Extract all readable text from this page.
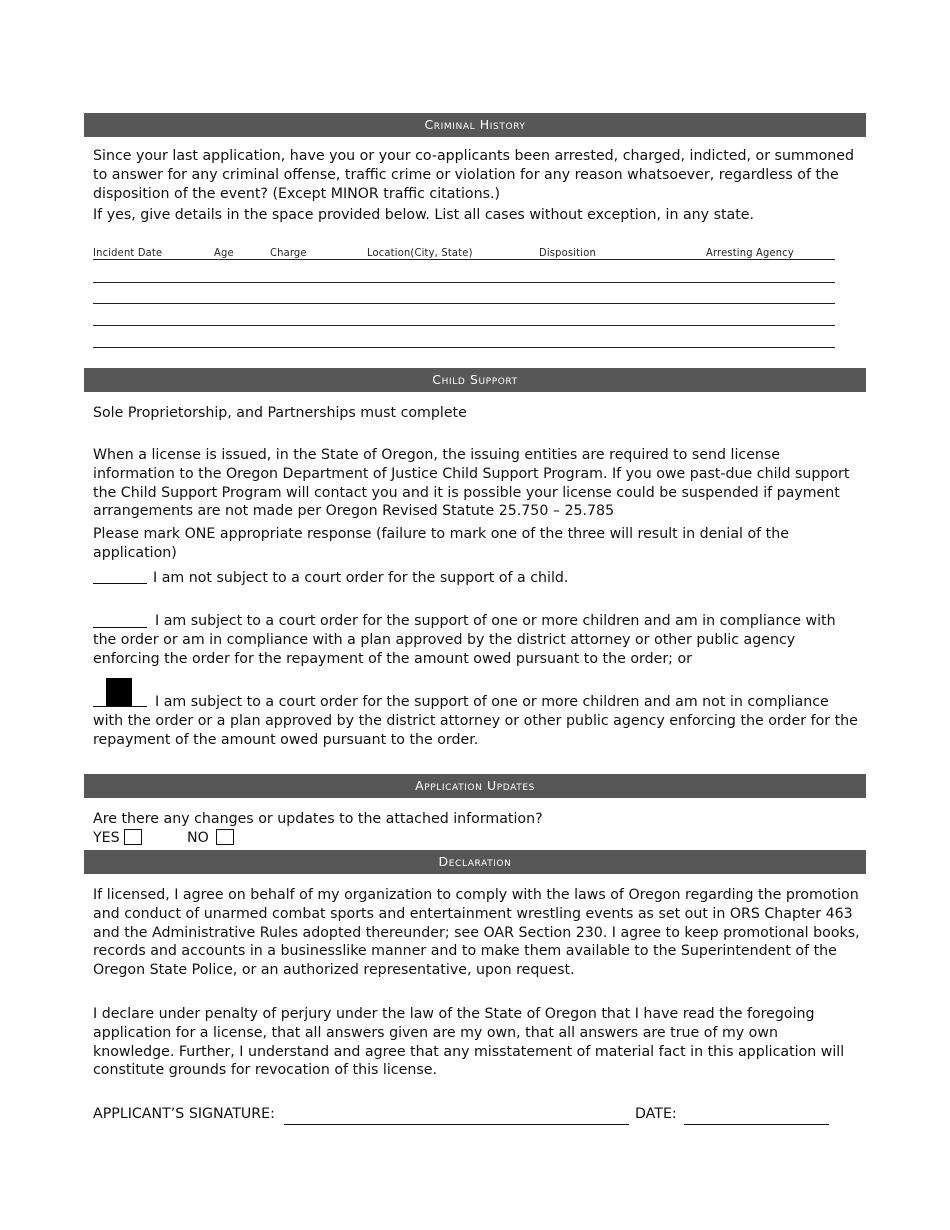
Criminal History
Since your last application, have you or your co-applicants been arrested, charged, indicted, or summoned to answer for any criminal offense, traffic crime or violation for any reason whatsoever, regardless of the disposition of the event? (Except MINOR traffic citations.)
If yes, give details in the space provided below. List all cases without exception, in any state.
Incident Date	Age	Charge	Location(City, State)	Disposition	Arresting Agency
Child Support
Sole Proprietorship, and Partnerships must complete
When a license is issued, in the State of Oregon, the issuing entities are required to send license information to the Oregon Department of Justice Child Support Program. If you owe past-due child support the Child Support Program will contact you and it is possible your license could be suspended if payment arrangements are not made per Oregon Revised Statute 25.750 – 25.785
Please mark ONE appropriate response (failure to mark one of the three will result in denial of the application)
I am not subject to a court order for the support of a child.
I am subject to a court order for the support of one or more children and am in compliance with the order or am in compliance with a plan approved by the district attorney or other public agency enforcing the order for the repayment of the amount owed pursuant to the order; or
I am subject to a court order for the support of one or more children and am not in compliance with the order or a plan approved by the district attorney or other public agency enforcing the order for the repayment of the amount owed pursuant to the order.
Application Updates
Are there any changes or updates to the attached information?
YES	NO
Declaration
If licensed, I agree on behalf of my organization to comply with the laws of Oregon regarding the promotion and conduct of unarmed combat sports and entertainment wrestling events as set out in ORS Chapter 463 and the Administrative Rules adopted thereunder; see OAR Section 230. I agree to keep promotional books, records and accounts in a businesslike manner and to make them available to the Superintendent of the Oregon State Police, or an authorized representative, upon request.
I declare under penalty of perjury under the law of the State of Oregon that I have read the foregoing application for a license, that all answers given are my own, that all answers are true of my own knowledge. Further, I understand and agree that any misstatement of material fact in this application will constitute grounds for revocation of this license.
APPLICANT’S SIGNATURE:	DATE:
